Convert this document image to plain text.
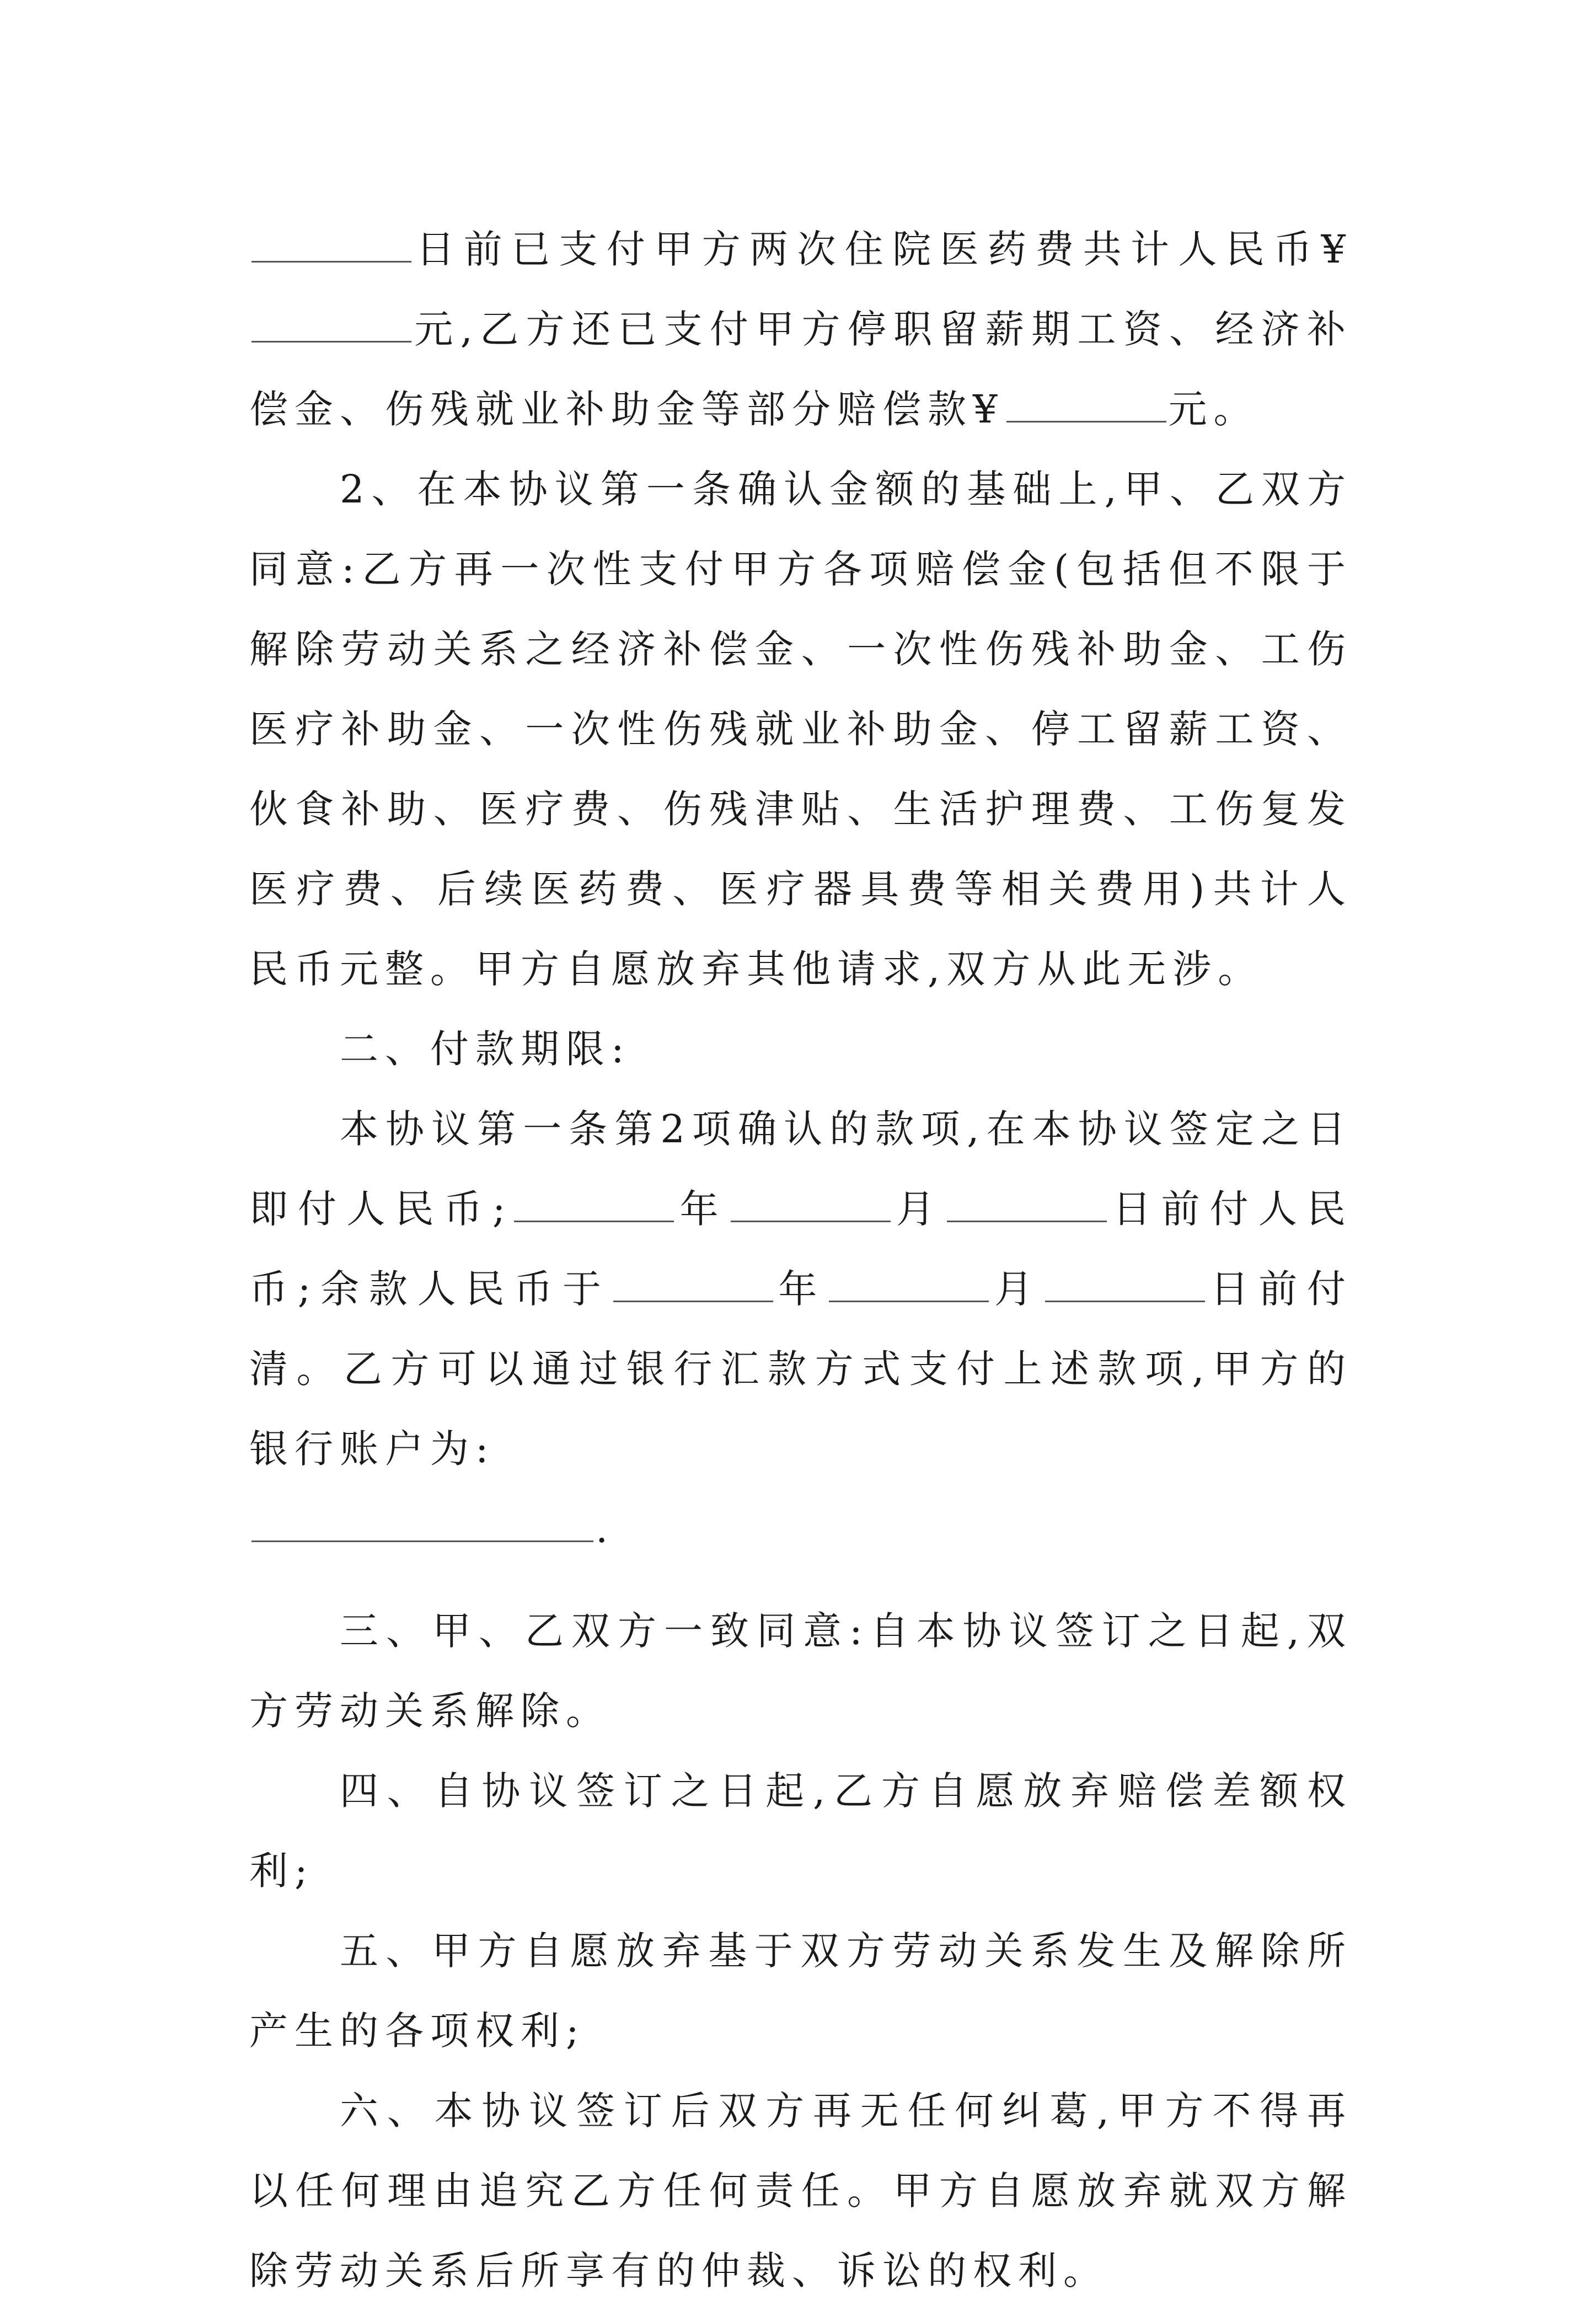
日前已支付甲方两次住院医药费共计人民币¥元,乙方还已支付甲方停职留薪期工资、经济补偿金、伤残就业补助金等部分赔偿款¥	元。

2、在本协议第一条确认金额的基础上,甲、乙双方同意:乙方再一次性支付甲方各项赔偿金(包括但不限于解除劳动关系之经济补偿金、一次性伤残补助金、工伤医疗补助金、一次性伤残就业补助金、停工留薪工资、伙食补助、医疗费、伤残津贴、生活护理费、工伤复发医疗费、后续医药费、医疗器具费等相关费用)共计人民币元整。甲方自愿放弃其他请求,双方从此无涉。

二、付款期限:

本协议第一条第2项确认的款项,在本协议签定之日即付人民币;	年	月	日前付人民币;余款人民币于	年	月	日前付清。乙方可以通过银行汇款方式支付上述款项,甲方的银行账户为:
.

三、甲、乙双方一致同意:自本协议签订之日起,双方劳动关系解除。

四、自协议签订之日起,乙方自愿放弃赔偿差额权利;

五、甲方自愿放弃基于双方劳动关系发生及解除所产生的各项权利;

六、本协议签订后双方再无任何纠葛,甲方不得再以任何理由追究乙方任何责任。甲方自愿放弃就双方解除劳动关系后所享有的仲裁、诉讼的权利。
